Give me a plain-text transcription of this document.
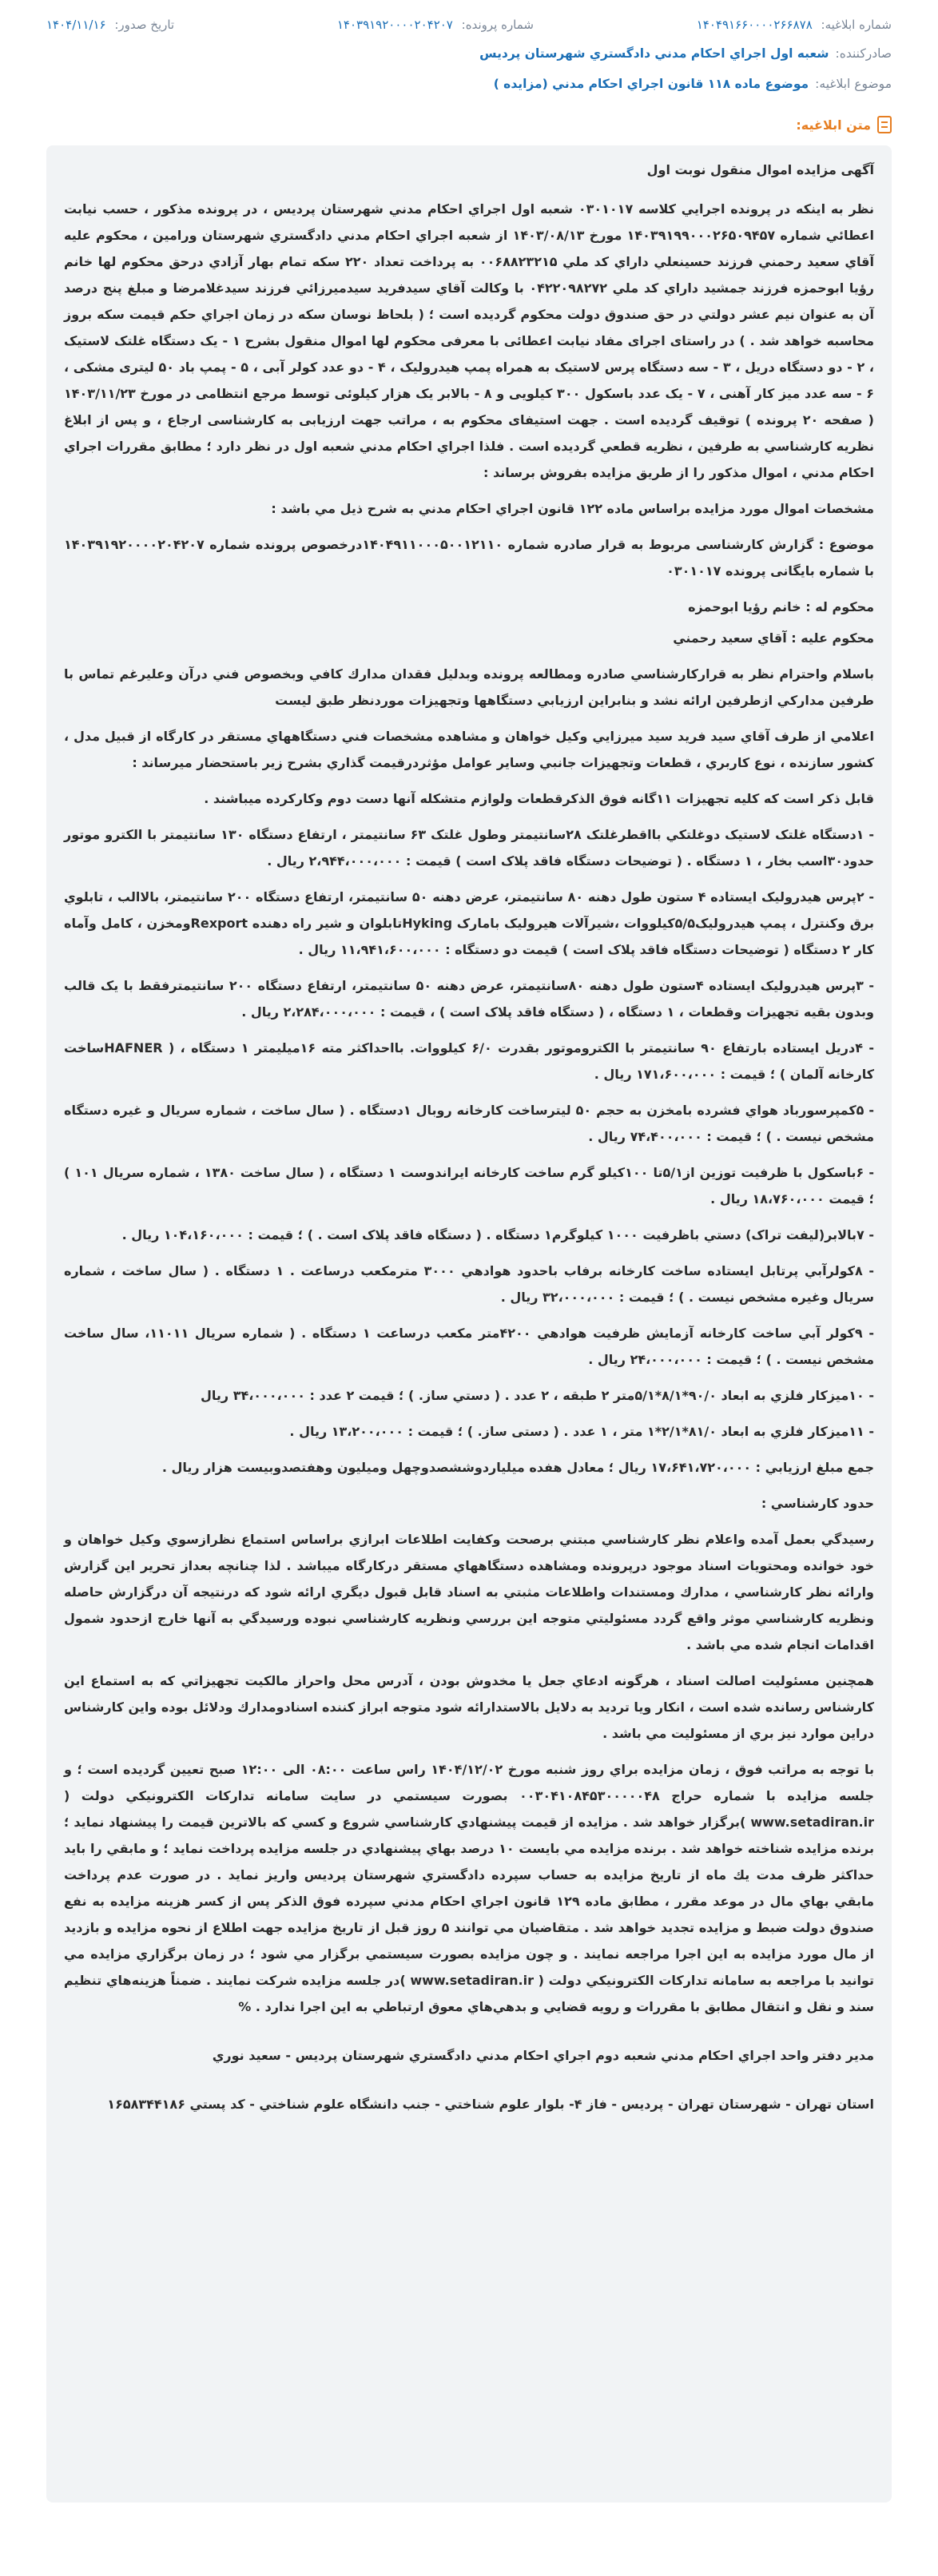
شماره ابلاغیه: ۱۴۰۴۹۱۶۶۰۰۰۰۲۶۶۸۷۸
شماره پرونده: ۱۴۰۳۹۱۹۲۰۰۰۰۲۰۴۲۰۷
تاریخ صدور: ۱۴۰۴/۱۱/۱۶
صادرکننده:
شعبه اول اجراي احكام مدني دادگستري شهرستان پرديس
موضوع ابلاغیه:
موضوع ماده ۱۱۸ قانون اجراي احكام مدني (مزايده )
متن ابلاغیه:

آگهی مزایده اموال منقول نوبت اول

نظر به اينكه در پرونده اجرايي كلاسه ۰۳۰۱۰۱۷ شعبه اول اجراي احكام مدني شهرستان پرديس ، در پرونده مذکور ، حسب نيابت اعطائي شماره ۱۴۰۳۹۱۹۹۰۰۰۲۶۵۰۹۴۵۷ مورخ ۱۴۰۳/۰۸/۱۳ از شعبه اجراي احكام مدني دادگستري شهرستان ورامين ، محكوم عليه آقاي سعيد رحمني فرزند حسينعلي داراي كد ملي ۰۰۶۸۸۲۳۲۱۵ به پرداخت تعداد ۲۲۰ سکه تمام بهار آزادي درحق محكوم لها خانم رؤيا ابوحمزه فرزند جمشيد داراي كد ملي ۰۴۲۲۰۹۸۲۷۲ با وكالت آقاي سيدفريد سيدميرزائي فرزند سيدغلامرضا و مبلغ پنج درصد آن به عنوان نيم عشر دولتي در حق صندوق دولت محكوم گرديده است ؛ ( بلحاظ نوسان سکه در زمان اجراي حكم قيمت سكه بروز محاسبه خواهد شد . ) در راستای اجرای مفاد نیابت اعطائی با معرفی محکوم لها اموال منقول بشرح ۱ - یک دستگاه غلتک لاستیک ، ۲ - دو دستگاه دریل ، ۳ - سه دستگاه پرس لاستیک به همراه پمپ هیدرولیک ، ۴ - دو عدد کولر آبی ، ۵ - پمپ باد ۵۰ لیتری مشکی ، ۶ - سه عدد میز کار آهنی ، ۷ - یک عدد باسکول ۳۰۰ کیلویی و ۸ - بالابر یک هزار کیلوئی توسط مرجع انتظامی در مورخ ۱۴۰۳/۱۱/۲۳ ( صفحه ۲۰ پرونده ) توقیف گردیده است . جهت استیفای محکوم به ، مراتب جهت ارزیابی به کارشناسی ارجاع ، و پس از ابلاغ نظريه كارشناسي به طرفين ، نظريه قطعي گرديده است . فلذا اجراي احكام مدني شعبه اول در نظر دارد ؛ مطابق مقررات اجراي احکام مدني ، اموال مذکور را از طريق مزايده بفروش برساند :

مشخصات اموال مورد مزايده براساس ماده ۱۲۲ قانون اجراي احكام مدني به شرح ذيل مي باشد :

موضوع : گزارش کارشناسی مربوط به قرار صادره شماره ۱۴۰۴۹۱۱۰۰۰۵۰۰۱۲۱۱۰درخصوص پرونده شماره ۱۴۰۳۹۱۹۲۰۰۰۰۲۰۴۲۰۷ با شماره بایگانی پرونده ۰۳۰۱۰۱۷

محکوم له : خانم رؤیا ابوحمزه

محکوم علیه : آقاي سعيد رحمني

باسلام واحترام نظر به قرارکارشناسي صادره ومطالعه پرونده وبدليل فقدان مدارك کافي وبخصوص فني درآن وعليرغم تماس با طرفين مدارکي ازطرفين ارائه نشد و بنابراين ارزيابي دستگاهها وتجهيزات موردنظر طبق ليست

اعلامي از طرف آقاي سيد فريد سيد ميرزايي وکيل خواهان و مشاهده مشخصات فني دستگاههاي مستقر در کارگاه از قبيل مدل ، کشور سازنده ، نوع کاربري ، قطعات وتجهيزات جانبي وساير عوامل مؤثردرقيمت گذاري بشرح زير باستحضار ميرساند :

قابل ذکر است که کليه تجهيزات ۱۱گانه فوق الذکرقطعات ولوازم متشکله آنها دست دوم وکارکرده ميباشند .

- ۱دستگاه غلتک لاستيک دوغلتکي بااقطرغلتک ۲۸سانتيمتر وطول غلتک ۶۳ سانتيمتر ، ارتفاع دستگاه ۱۳۰ سانتيمتر با الکترو موتور حدود۳۰اسب بخار ، ۱ دستگاه . ( توضیحات دستگاه فاقد پلاک است ) قیمت : ۲،۹۴۴،۰۰۰،۰۰۰ ریال .

- ۲پرس هيدروليک ايستاده ۴ ستون طول دهنه ۸۰ سانتيمتر، عرض دهنه ۵۰ سانتيمتر، ارتفاع دستگاه ۲۰۰ سانتيمتر، بالاالب ، تابلوي برق وکنترل ، پمپ هيدروليک۵/۵کيلووات ،شيرآلات هيروليک بامارک Hykingتابلوان و شير راه دهنده Rexportومخزن ، کامل وآماه کار ۲ دستگاه ( توضيحات دستگاه فاقد پلاک است ) قيمت دو دستگاه : ۱۱،۹۴۱،۶۰۰،۰۰۰ ریال .

- ۳پرس هيدروليک ايستاده ۴ستون طول دهنه ۸۰سانتيمتر، عرض دهنه ۵۰ سانتيمتر، ارتفاع دستگاه ۲۰۰ سانتيمترفقط با يک قالب وبدون بقيه تجهيزات وقطعات ، ۱ دستگاه ، ( دستگاه فاقد پلاک است ) ، قیمت : ۲،۲۸۴،۰۰۰،۰۰۰ ریال .

- ۴دريل ايستاده بارتفاع ۹۰ سانتيمتر با الکتروموتور بقدرت ۶/۰ کيلووات. بااحداکثر مته ۱۶ميليمتر ۱ دستگاه ، ( HAFNERساخت کارخانه آلمان ) ؛ قیمت : ۱۷۱،۶۰۰،۰۰۰ ریال .

- ۵کمپرسورباد هواي فشرده بامخزن به حجم ۵۰ ليترساخت کارخانه روبال ۱دستگاه . ( سال ساخت ، شماره سریال و غیره دستگاه مشخص نیست . ) ؛ قیمت : ۷۴،۴۰۰،۰۰۰ ریال .

- ۶باسکول با ظرفيت توزين از۵/۱تا ۱۰۰کيلو گرم ساخت کارخانه ايراندوست ۱ دستگاه ، ( سال ساخت ۱۳۸۰ ، شماره سریال ۱۰۱ ) ؛ قیمت ۱۸،۷۶۰،۰۰۰ ریال .

- ۷بالابر(ليفت تراک) دستي باظرفيت ۱۰۰۰ کيلوگرم۱ دستگاه . ( دستگاه فاقد پلاک است . ) ؛ قیمت : ۱۰۴،۱۶۰،۰۰۰ ریال .

- ۸کولرآبي پرتابل ايستاده ساخت کارخانه برفاب باحدود هوادهي ۳۰۰۰ مترمکعب درساعت . ۱ دستگاه . ( سال ساخت ، شماره سریال وغیره مشخص نیست . ) ؛ قیمت : ۳۲،۰۰۰،۰۰۰ ریال .

- ۹کولر آبي ساخت کارخانه آزمايش ظرفيت هوادهي ۴۲۰۰متر مکعب درساعت ۱ دستگاه . ( شماره سریال ۱۱۰۱۱، سال ساخت مشخص نیست . ) ؛ قیمت : ۲۴،۰۰۰،۰۰۰ ریال .

- ۱۰ميزکار فلزي به ابعاد ۹۰/۰*۸/۱*۵/۱متر ۲ طبقه ، ۲ عدد . ( دستي ساز. ) ؛ قیمت ۲ عدد : ۳۴،۰۰۰،۰۰۰ ریال

- ۱۱ميزکار فلزي به ابعاد ۸۱/۰*۲/۱*۱ متر ، ۱ عدد . ( دستی ساز. ) ؛ قیمت : ۱۳،۲۰۰،۰۰۰ ریال .

جمع مبلغ ارزيابي : ۱۷،۶۴۱،۷۲۰،۰۰۰ ریال ؛ معادل هفده ميلياردوششصدوچهل وميليون وهفتصدوبيست هزار ريال .

حدود کارشناسي :

رسيدگي بعمل آمده واعلام نظر کارشناسي مبتني برصحت وکفايت اطلاعات ابرازي براساس استماع نظرازسوي وکيل خواهان و خود خوانده ومحتويات اسناد موجود درپرونده ومشاهده دستگاههاي مستقر درکارگاه ميباشد . لذا چنانچه بعداز تحرير اين گزارش وارائه نظر کارشناسي ، مدارك ومستندات واطلاعات مثبتي به اسناد قابل قبول ديگري ارائه شود که درنتيجه آن درگزارش حاصله ونظريه کارشناسي موثر واقع گردد مسئوليتي متوجه اين بررسي ونظريه کارشناسي نبوده ورسيدگي به آنها خارج ازحدود شمول اقدامات انجام شده مي باشد .

همچنين مسئوليت اصالت اسناد ، هرگونه ادعاي جعل يا مخدوش بودن ، آدرس محل واحراز مالکيت تجهيزاتي که به استماع اين کارشناس رسانده شده است ، انکار ويا ترديد به دلايل بالاستدارائه شود متوجه ابراز کننده اسنادومدارك ودلائل بوده واين کارشناس دراين موارد نيز بري از مسئوليت مي باشد .

با توجه به مراتب فوق ، زمان مزايده براي روز شنبه مورخ ۱۴۰۴/۱۲/۰۲ راس ساعت ۰۸:۰۰ الی ۱۲:۰۰ صبح تعيين گرديده است ؛ و جلسه مزايده با شماره حراج ۰۰۳۰۴۱۰۸۴۵۳۰۰۰۰۰۴۸ بصورت سيستمي در سايت سامانه تداركات الكترونيكي دولت ( www.setadiran.ir )برگزار خواهد شد . مزايده از قيمت پيشنهادي كارشناسي شروع و كسي كه بالاترين قيمت را پيشنهاد نمايد ؛ برنده مزايده شناخته خواهد شد . برنده مزايده مي بايست ۱۰ درصد بهاي پيشنهادي در جلسه مزايده پرداخت نمايد ؛ و مابقي را بايد حداكثر ظرف مدت يك ماه از تاريخ مزايده به حساب سپرده دادگستري شهرستان پرديس واريز نمايد . در صورت عدم پرداخت مابقي بهاي مال در موعد مقرر ، مطابق ماده ۱۲۹ قانون اجراي احكام مدني سپرده فوق الذکر پس از كسر هزينه مزايده به نفع صندوق دولت ضبط و مزايده تجديد خواهد شد . متقاضيان مي توانند ۵ روز قبل از تاريخ مزايده جهت اطلاع از نحوه مزايده و بازديد از مال مورد مزايده به اين اجرا مراجعه نمايند . و چون مزايده بصورت سيستمي برگزار مي شود ؛ در زمان برگزاري مزايده مي توانيد با مراجعه به سامانه تداركات الكترونيكي دولت ( www.setadiran.ir )در جلسه مزايده شركت نمايند . ضمناً هزينه‌هاي تنظيم سند و نقل و انتقال مطابق با مقررات و رويه قضايي و بدهي‌هاي معوق ارتباطي به اين اجرا ندارد . %

مدير دفتر واحد اجراي احكام مدني شعبه دوم اجراي احكام مدني دادگستري شهرستان پرديس - سعيد نوري

استان تهران - شهرستان تهران - پرديس - فاز ۴- بلوار علوم شناختي - جنب دانشگاه علوم شناختي - كد پستي ۱۶۵۸۳۴۴۱۸۶
